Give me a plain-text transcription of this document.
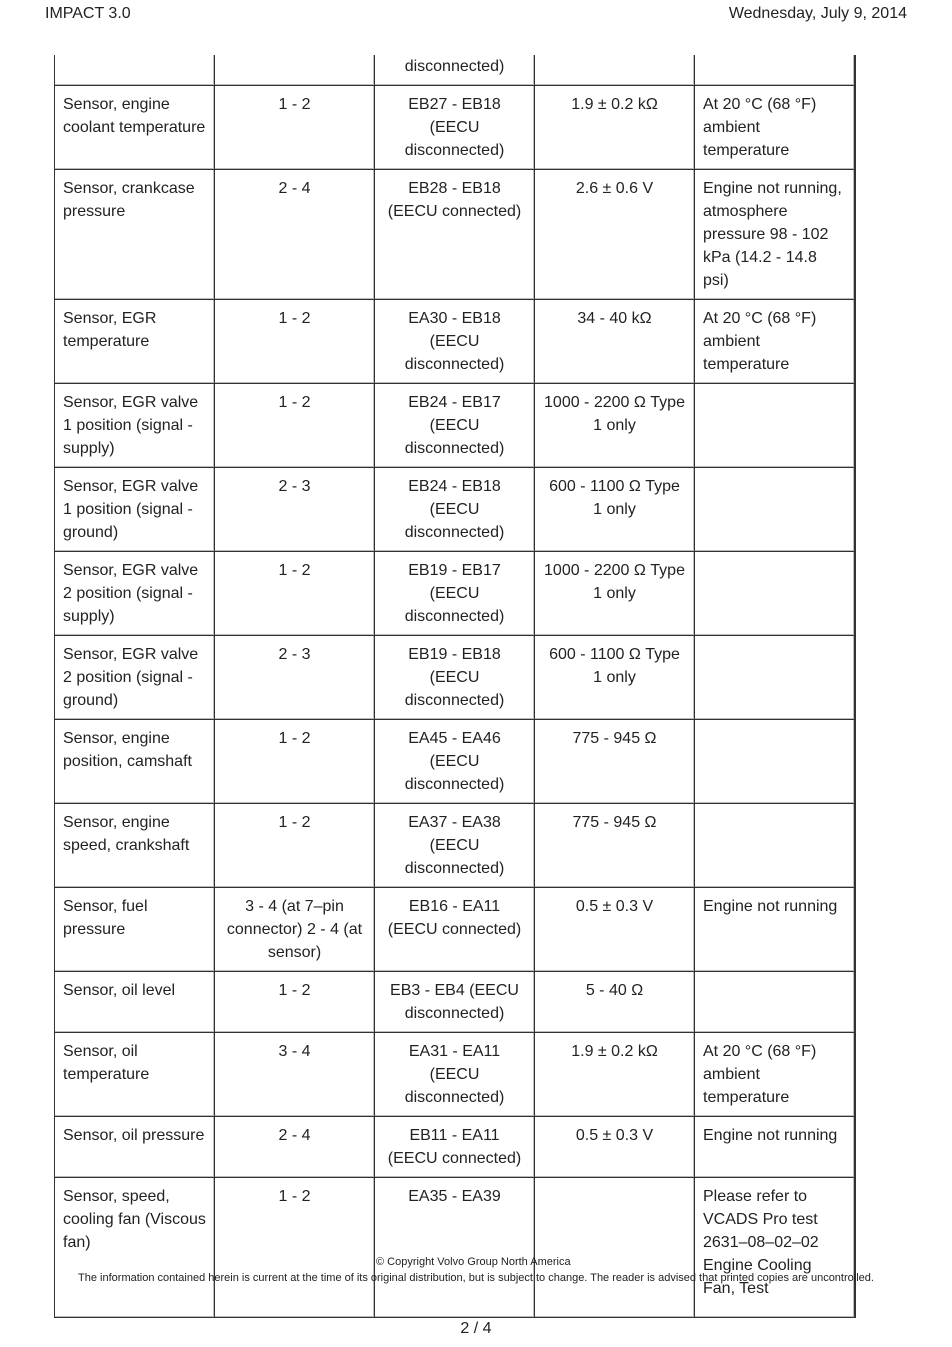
IMPACT 3.0	Wednesday, July 9, 2014
		disconnected)		
Sensor, engine coolant temperature	1 - 2	EB27 - EB18 (EECU disconnected)	1.9 ± 0.2 kΩ	At 20 °C (68 °F) ambient temperature
Sensor, crankcase pressure	2 - 4	EB28 - EB18 (EECU connected)	2.6 ± 0.6 V	Engine not running, atmosphere pressure 98 - 102 kPa (14.2 - 14.8 psi)
Sensor, EGR temperature	1 - 2	EA30 - EB18 (EECU disconnected)	34 - 40 kΩ	At 20 °C (68 °F) ambient temperature
Sensor, EGR valve 1 position (signal - supply)	1 - 2	EB24 - EB17 (EECU disconnected)	1000 - 2200 Ω Type 1 only	
Sensor, EGR valve 1 position (signal - ground)	2 - 3	EB24 - EB18 (EECU disconnected)	600 - 1100 Ω Type 1 only	
Sensor, EGR valve 2 position (signal - supply)	1 - 2	EB19 - EB17 (EECU disconnected)	1000 - 2200 Ω Type 1 only	
Sensor, EGR valve 2 position (signal - ground)	2 - 3	EB19 - EB18 (EECU disconnected)	600 - 1100 Ω Type 1 only	
Sensor, engine position, camshaft	1 - 2	EA45 - EA46 (EECU disconnected)	775 - 945 Ω	
Sensor, engine speed, crankshaft	1 - 2	EA37 - EA38 (EECU disconnected)	775 - 945 Ω	
Sensor, fuel pressure	3 - 4 (at 7–pin connector) 2 - 4 (at sensor)	EB16 - EA11 (EECU connected)	0.5 ± 0.3 V	Engine not running
Sensor, oil level	1 - 2	EB3 - EB4 (EECU disconnected)	5 - 40 Ω	
Sensor, oil temperature	3 - 4	EA31 - EA11 (EECU disconnected)	1.9 ± 0.2 kΩ	At 20 °C (68 °F) ambient temperature
Sensor, oil pressure	2 - 4	EB11 - EA11 (EECU connected)	0.5 ± 0.3 V	Engine not running
Sensor, speed, cooling fan (Viscous fan)	1 - 2	EA35 - EA39		Please refer to VCADS Pro test 2631–08–02–02 Engine Cooling Fan, Test
© Copyright Volvo Group North America
The information contained herein is current at the time of its original distribution, but is subject to change. The reader is advised that printed copies are uncontrolled.
2 / 4
